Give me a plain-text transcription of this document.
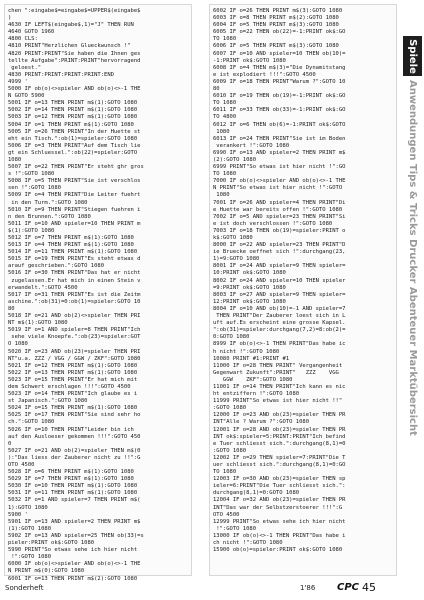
chen ":eingabe$=eingabe$=UPPER$(eingabe$
)
4630 IF LEFT$(eingabe$,1)="J" THEN RUN
4640 GOTO 1960
4800 CLS:
4810 PRINT"Herzlichen Glueckwunsch !"
4820 PRINT:PRINT"Sie haben die Ihnen ges
tellte Aufgabe":PRINT:PRINT"hervorragend
geloest."
4830 PRINT:PRINT:PRINT:PRINT:END
4999 '
5000 IF ob(o)<>spieler AND ob(o)<>-1 THE
N GOTO 5900
5001 IF o=13 THEN PRINT m$(1):GOTO 1080
5002 IF o=14 THEN PRINT m$(1):GOTO 1080
5003 IF o=12 THEN PRINT m$(1):GOTO 1080
5004 IF o=1 THEN PRINT m$(1):GOTO 1080
5005 IF o=26 THEN PRINT"In der Huette st
eht ein Tisch.":ob(1)=spieler:GOTO 1080
5006 IF o=3 THEN PRINT"Auf dem Tisch lie
gt ein Schluessel.":ob(22)=spieler:GOTO
1080
5007 IF o=22 THEN PRINT"Er steht ghr gros
s !":GOTO 1080
5008 IF o=5 THEN PRINT"Sie ist verschlos
sen !":GOTO 1080
5009 IF o=4 THEN PRINT"Die Leiter fuehrt
in den Turm.":GOTO 1080
5010 IF o=9 THEN PRINT"Stiegen fuehren i
n den Brunnen.":GOTO 1080
5011 IF o=10 AND spieler=10 THEN PRINT m
$(1):GOTO 1080
5012 IF o=7 THEN PRINT m$(1):GOTO 1080
5013 IF o=4 THEN PRINT m$(1):GOTO 1080
5014 IF o=11 THEN PRINT m$(1):GOTO 1080
5015 IF o=19 THEN PRINT"Es steht etwas d
arauf geschrieben.":GOTO 1080
5016 IF o=30 THEN PRINT"Das hat er nicht
zugelassen.Er hat mich in einen Stein v
erwandelt.":GOTO 4500
5017 IF o=31 THEN PRINT"Es ist die Zeitm
aschine.":ob(31)=0:ob(1)=spieler:GOTO 10
80
5018 IF o=21 AND ob(2)<>spieler THEN PRI
NT m$(1):GOTO 1080
5019 IF o=1 AND spieler=8 THEN PRINT"Ich
sehe viele Knoepfe.":ob(23)=spieler:GOT
O 1080
5020 IF o=23 AND ob(23)=spieler THEN PRI
NT"u.a. ZZZ / VGG / GGW / ZKF":GOTO 1080
5021 IF o=12 THEN PRINT m$(1):GOTO 1080
5022 IF o=13 THEN PRINT m$(1):GOTO 1080
5023 IF o=15 THEN PRINT"Er hat mich mit
dem Schwert erschlagen !!!":GOTO 4500
5023 IF o=14 THEN PRINT"Ich glaube es i
st Japanisch.":GOTO 1080
5024 IF o=15 THEN PRINT m$(1):GOTO 1080
5025 IF o=17 THEN PRINT"Sie sind sehr ho
ch.":GOTO 1080
5026 IF o=10 THEN PRINT"Leider bin ich
auf den Ausloeser gekommen !!!":GOTO 450
0
5027 IF o=21 AND ob(2)=spieler THEN m$(0
):"Das liess der Zauberer nicht zu !!":G
OTO 4500
5028 IF o=6 THEN PRINT m$(1):GOTO 1080
5029 IF o=7 THEN PRINT m$(1):GOTO 1080
5030 IF o=10 THEN PRINT m$(1):GOTO 1080
5031 IF o=11 THEN PRINT m$(1):GOTO 1080
5032 IF o=1 AND spieler=7 THEN PRINT m$(
1):GOTO 1080
5900 '
5901 IF o=13 AND spieler=2 THEN PRINT m$
(1):GOTO 1080
5902 IF o=13 AND spieler=25 THEN ob(33)=s
pieler:PRINT ok$:GOTO 1080
5990 PRINT"So etwas sehe ich hier nicht
!":GOTO 1080
6000 IF ob(o)<>spieler AND ob(o)<>-1 THE
N PRINT m$(0):GOTO 1080
6001 IF o=13 THEN PRINT m$(2):GOTO 1080
6002 IF o=26 THEN PRINT m$(3):GOTO 1080
6003 IF o=8 THEN PRINT m$(2):GOTO 1080
6004 IF o=5 THEN PRINT m$(3):GOTO 1080
6005 IF o=22 THEN ob(22)=-1:PRINT ok$:GO
TO 1080
6006 IF o=5 THEN PRINT m$(3):GOTO 1080
6007 IF o=10 AND spieler=10 THEN ob(10)=
-1:PRINT ok$:GOTO 1080
6008 IF o=4 THEN m$(3)="Die Dynamitstang
e ist explodiert !!!":GOTO 4500
6009 IF o=18 THEN PRINT"Warum ?":GOTO 10
80
6010 IF o=19 THEN ob(19)=-1:PRINT ok$:GO
TO 1080
6011 IF o=33 THEN ob(33)=-1:PRINT ok$:GO
TO 4800
6012 IF o=6 THEN ob(6)=-1:PRINT ok$:GOTO
1080
6013 IF o=24 THEN PRINT"Sie ist im Boden
verankert !":GOTO 1080
6990 IF o=13 AND spieler=2 THEN PRINT m$
(2):GOTO 1080
6999 PRINT"So etwas ist hier nicht !":GO
TO 1080
7000 IF ob(o)<>spieler AND ob(o)<>-1 THE
N PRINT"So etwas ist hier nicht !":GOTO
1080
7001 IF o=26 AND spieler=4 THEN PRINT"Di
e Huette war bereits offen !":GOTO 1080
7002 IF o=5 AND spieler=23 THEN PRINT"Si
e ist doch verschlossen !":GOTO 1080
7003 IF o=18 THEN ob(19)=spieler:PRINT o
k$:GOTO 1080
8000 IF o=22 AND spieler=23 THEN PRINT"D
ie Bruecke oeffnet sich !":durchgang(23,
1)=9:GOTO 1080
8001 IF o=24 AND spieler=9 THEN spieler=
10:PRINT ok$:GOTO 1080
8002 IF o=24 AND spieler=10 THEN spieler
=9:PRINT ok$:GOTO 1080
8003 IF o=27 AND spieler=9 THEN spieler=
12:PRINT ok$:GOTO 1080
8004 IF o=10 AND ob(10)=-1 AND spieler=7
THEN PRINT"Der Zauberer loest sich in L
uft auf.Es erscheint eine grosse Kapsel.
":ob(31)=spieler:durchgang(7,2)=8:ob(2)=
0:GOTO 1080
8999 IF ob(o)<>-1 THEN PRINT"Das habe ic
h nicht !":GOTO 1080
10080 PRINT #1:PRINT #1
11000 IF o=28 THEN PRINT" Vergangenheit
Gegenwart Zukunft":PRINT"   ZZZ    VGG
GGW    ZKF":GOTO 1080
11001 IF o=14 THEN PRINT"Ich kann es nic
ht entziffern !":GOTO 1080
11999 PRINT"So etwas ist hier nicht !!"
:GOTO 1080
12000 IF o=23 AND ob(23)=spieler THEN PR
INT"Alle ? Warum ?":GOTO 1080
12001 IF o=28 AND ob(23)=spieler THEN PR
INT ok$:spieler=5:PRINT:PRINT"Ich befind
e Tuer schliesst sich.":durchgang(8,1)=0
:GOTO 1080
12002 IF o=29 THEN spieler=7:PRINT"Die T
uer schliesst sich.":durchgang(8,1)=0:GO
TO 1080
12003 IF o=30 AND ob(23)=spieler THEN sp
ieler=6:PRINT"Die Tuer schliesst sich.":
durchgang(8,1)=0:GOTO 1080
12004 IF o=32 AND ob(23)=spieler THEN PR
INT"Das war der Selbstzerstoerer !!!":G
OTO 4500
12999 PRINT"So etwas sehe ich hier nicht
!":GOTO 1080
13000 IF ob(o)<>-1 THEN PRINT"Das habe i
ch nicht !":GOTO 1080
15900 ob(o)=spieler:PRINT ok$:GOTO 1080
Spiele
Anwendungen Tips & Tricks Drucker Abenteuer Marktübersicht
Sonderheft	1'86 CPC 45
